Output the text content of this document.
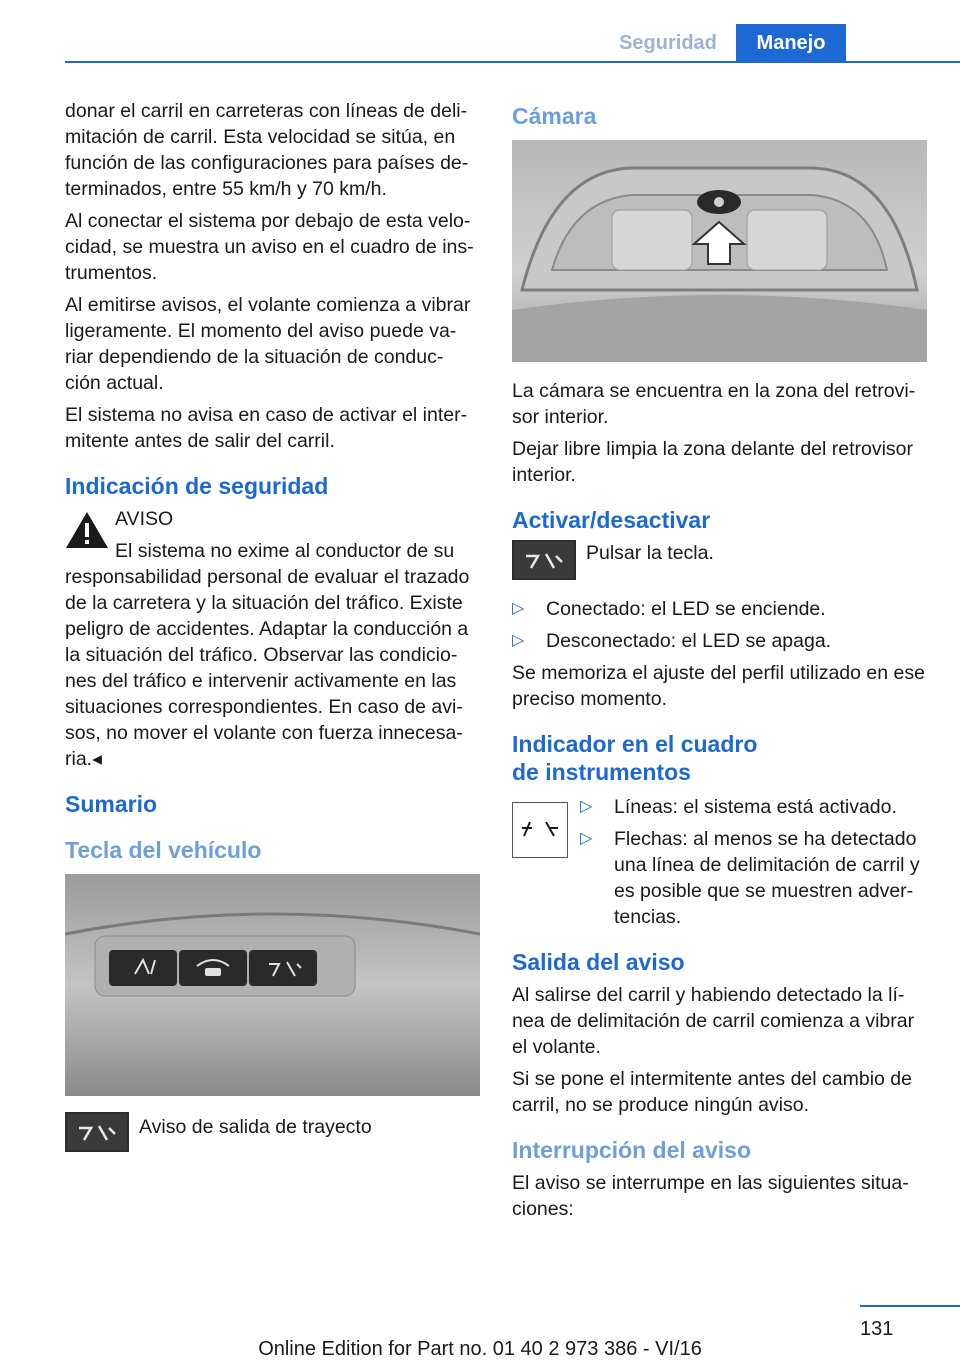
Seguridad	Manejo

donar el carril en carreteras con líneas de deli‐ mitación de carril. Esta velocidad se sitúa, en función de las configuraciones para países de‐ terminados, entre 55 km/h y 70 km/h.

Al conectar el sistema por debajo de esta velo‐ cidad, se muestra un aviso en el cuadro de ins‐ trumentos.

Al emitirse avisos, el volante comienza a vibrar ligeramente. El momento del aviso puede va‐ riar dependiendo de la situación de conduc‐ ción actual.

El sistema no avisa en caso de activar el inter‐ mitente antes de salir del carril.

Indicación de seguridad

AVISO

El sistema no exime al conductor de su

responsabilidad personal de evaluar el trazado de la carretera y la situación del tráfico. Existe peligro de accidentes. Adaptar la conducción a la situación del tráfico. Observar las condicio‐ nes del tráfico e intervenir activamente en las situaciones correspondientes. En caso de avi‐ sos, no mover el volante con fuerza innecesa‐ ria.◂

Sumario
Tecla del vehículo

Aviso de salida de trayecto

Cámara

La cámara se encuentra en la zona del retrovi‐ sor interior.

Dejar libre limpia la zona delante del retrovisor interior.

Activar/desactivar

Pulsar la tecla.

▷ Conectado: el LED se enciende.
▷ Desconectado: el LED se apaga.

Se memoriza el ajuste del perfil utilizado en ese preciso momento.

Indicador en el cuadro
de instrumentos
▷ Líneas: el sistema está activado.
▷ Flechas: al menos se ha detectado una línea de delimitación de carril y es posible que se muestren adver‐ tencias.
Salida del aviso

Al salirse del carril y habiendo detectado la lí‐ nea de delimitación de carril comienza a vibrar el volante.

Si se pone el intermitente antes del cambio de carril, no se produce ningún aviso.

Interrupción del aviso

El aviso se interrumpe en las siguientes situa‐ ciones:

131
Online Edition for Part no. 01 40 2 973 386 - VI/16
